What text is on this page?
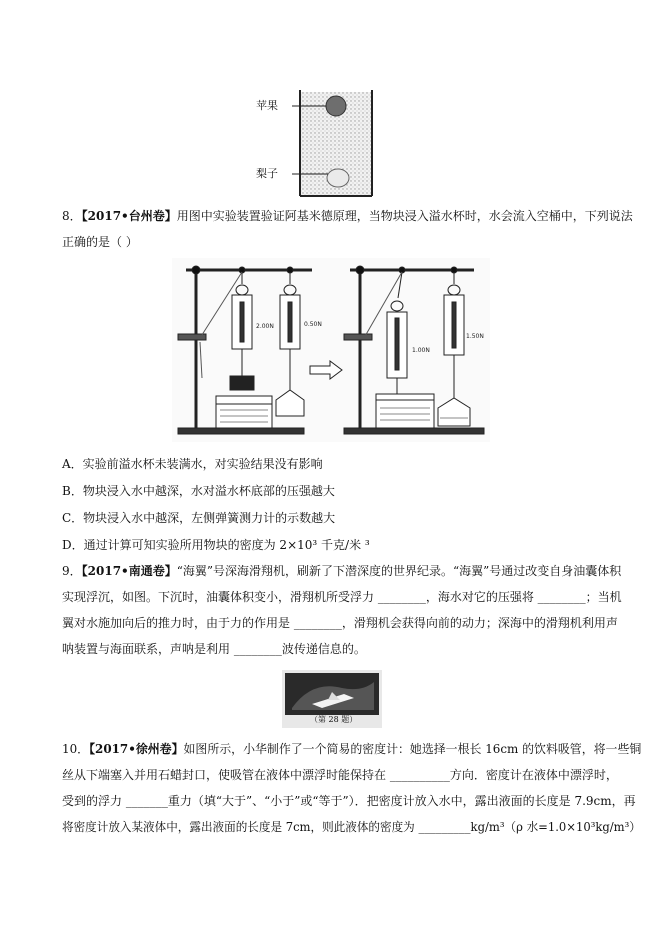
苹果
梨子
8．【2017•台州卷】用图中实验装置验证阿基米德原理，当物块浸入溢水杯时，水会流入空桶中，下列说法
正确的是（ ）
2.00N	0.50N
1.00N
1.50N
A．实验前溢水杯未装满水，对实验结果没有影响
B．物块浸入水中越深，水对溢水杯底部的压强越大
C．物块浸入水中越深，左侧弹簧测力计的示数越大
D．通过计算可知实验所用物块的密度为 2×10³ 千克/米 ³
9．【2017•南通卷】“海翼”号深海滑翔机，刷新了下潜深度的世界纪录。“海翼”号通过改变自身油囊体积
实现浮沉，如图。下沉时，油囊体积变小，滑翔机所受浮力 ________，海水对它的压强将 ________；当机
翼对水施加向后的推力时，由于力的作用是 ________，滑翔机会获得向前的动力；深海中的滑翔机利用声
呐装置与海面联系，声呐是利用 ________波传递信息的。
（第 28 题）
10．【2017•徐州卷】如图所示，小华制作了一个简易的密度计：她选择一根长 16cm 的饮料吸管，将一些铜
丝从下端塞入并用石蜡封口，使吸管在液体中漂浮时能保持在 __________方向．密度计在液体中漂浮时，
受到的浮力 _______重力（填“大于”、“小于”或“等于”）．把密度计放入水中，露出液面的长度是 7.9cm，再
将密度计放入某液体中，露出液面的长度是 7cm，则此液体的密度为 _________kg/m³（ρ 水=1.0×10³kg/m³）
